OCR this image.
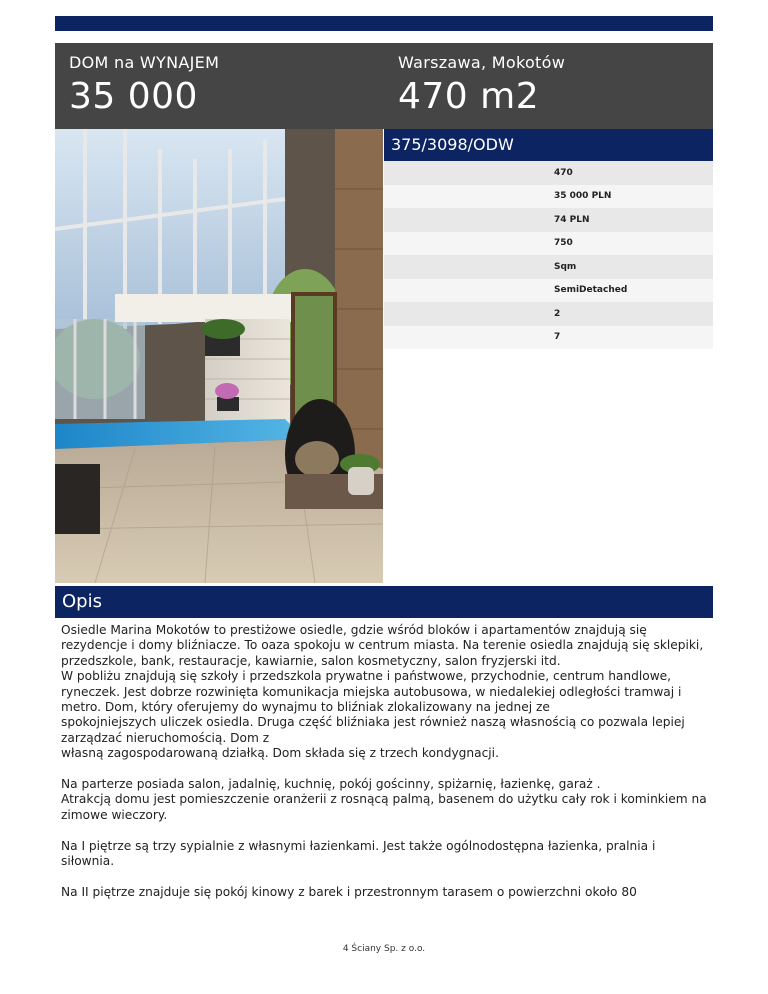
DOM na WYNAJEM
35 000
Warszawa, Mokotów
470 m2
375/3098/ODW
470
35 000 PLN
74 PLN
750
Sqm
SemiDetached
2
7
Opis

Osiedle Marina Mokotów to prestiżowe osiedle, gdzie wśród bloków i apartamentów znajdują się rezydencje i domy bliźniacze. To oaza spokoju w centrum miasta. Na terenie osiedla znajdują się sklepiki, przedszkole, bank, restauracje, kawiarnie, salon kosmetyczny, salon fryzjerski itd.
W pobliżu znajdują się szkoły i przedszkola prywatne i państwowe, przychodnie, centrum handlowe, ryneczek. Jest dobrze rozwinięta komunikacja miejska autobusowa, w niedalekiej odległości tramwaj i metro. Dom, który oferujemy do wynajmu to bliźniak zlokalizowany na jednej ze
spokojniejszych uliczek osiedla. Druga część bliźniaka jest również naszą własnością co pozwala lepiej zarządzać nieruchomością. Dom z
własną zagospodarowaną działką. Dom składa się z trzech kondygnacji.

Na parterze posiada salon, jadalnię, kuchnię, pokój gościnny, spiżarnię, łazienkę, garaż .
Atrakcją domu jest pomieszczenie oranżerii z rosnącą palmą, basenem do użytku cały rok i kominkiem na zimowe wieczory.

Na I piętrze są trzy sypialnie z własnymi łazienkami. Jest także ogólnodostępna łazienka, pralnia i siłownia.

Na II piętrze znajduje się pokój kinowy z barek i przestronnym tarasem o powierzchni około 80

4 Ściany Sp. z o.o.
